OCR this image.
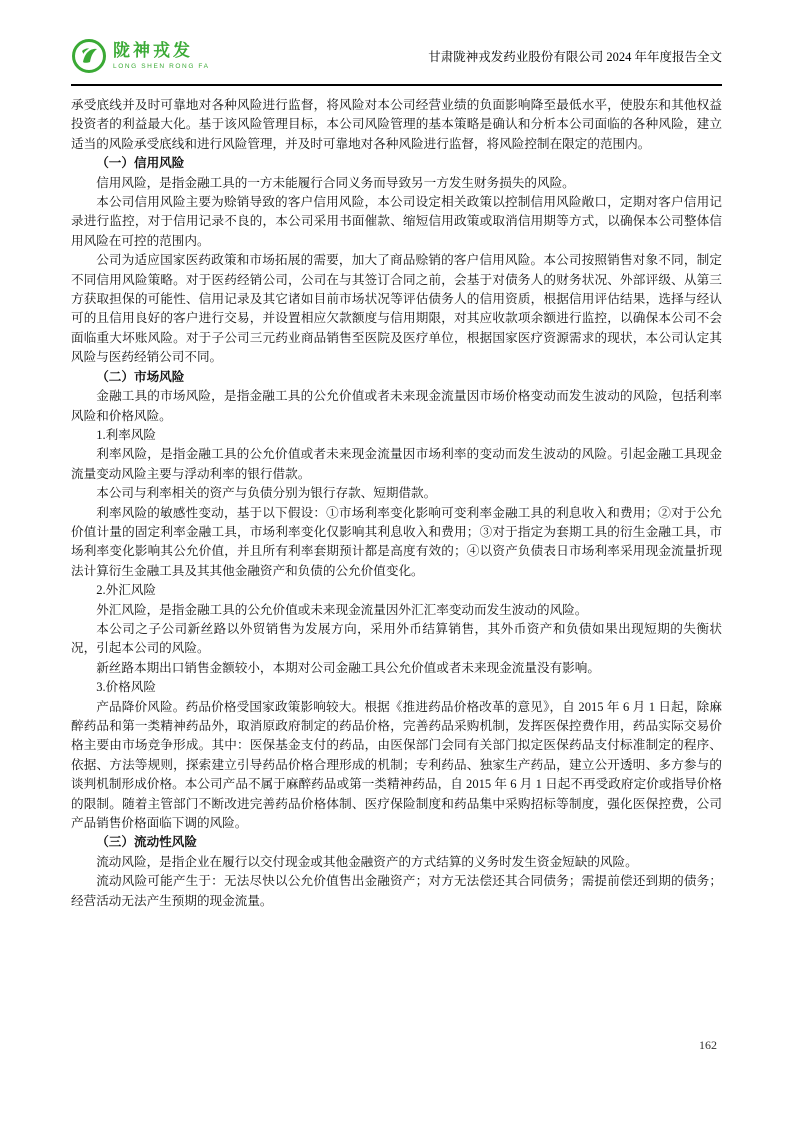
陇神戎发
LONG SHEN RONG FA
甘肃陇神戎发药业股份有限公司 2024 年年度报告全文

承受底线并及时可靠地对各种风险进行监督，将风险对本公司经营业绩的负面影响降至最低水平，使股东和其他权益投资者的利益最大化。基于该风险管理目标，本公司风险管理的基本策略是确认和分析本公司面临的各种风险，建立适当的风险承受底线和进行风险管理，并及时可靠地对各种风险进行监督，将风险控制在限定的范围内。

（一）信用风险

信用风险，是指金融工具的一方未能履行合同义务而导致另一方发生财务损失的风险。

本公司信用风险主要为赊销导致的客户信用风险，本公司设定相关政策以控制信用风险敞口，定期对客户信用记录进行监控，对于信用记录不良的，本公司采用书面催款、缩短信用政策或取消信用期等方式，以确保本公司整体信用风险在可控的范围内。

公司为适应国家医药政策和市场拓展的需要，加大了商品赊销的客户信用风险。本公司按照销售对象不同，制定不同信用风险策略。对于医药经销公司，公司在与其签订合同之前，会基于对债务人的财务状况、外部评级、从第三方获取担保的可能性、信用记录及其它诸如目前市场状况等评估债务人的信用资质，根据信用评估结果，选择与经认可的且信用良好的客户进行交易，并设置相应欠款额度与信用期限，对其应收款项余额进行监控，以确保本公司不会面临重大坏账风险。对于子公司三元药业商品销售至医院及医疗单位，根据国家医疗资源需求的现状，本公司认定其风险与医药经销公司不同。

（二）市场风险

金融工具的市场风险，是指金融工具的公允价值或者未来现金流量因市场价格变动而发生波动的风险，包括利率风险和价格风险。

1.利率风险

利率风险，是指金融工具的公允价值或者未来现金流量因市场利率的变动而发生波动的风险。引起金融工具现金流量变动风险主要与浮动利率的银行借款。

本公司与利率相关的资产与负债分别为银行存款、短期借款。

利率风险的敏感性变动，基于以下假设：①市场利率变化影响可变利率金融工具的利息收入和费用；②对于公允价值计量的固定利率金融工具，市场利率变化仅影响其利息收入和费用；③对于指定为套期工具的衍生金融工具，市场利率变化影响其公允价值，并且所有利率套期预计都是高度有效的；④以资产负债表日市场利率采用现金流量折现法计算衍生金融工具及其其他金融资产和负债的公允价值变化。

2.外汇风险

外汇风险，是指金融工具的公允价值或未来现金流量因外汇汇率变动而发生波动的风险。

本公司之子公司新丝路以外贸销售为发展方向，采用外币结算销售，其外币资产和负债如果出现短期的失衡状况，引起本公司的风险。

新丝路本期出口销售金额较小，本期对公司金融工具公允价值或者未来现金流量没有影响。

3.价格风险

产品降价风险。药品价格受国家政策影响较大。根据《推进药品价格改革的意见》，自 2015 年 6 月 1 日起，除麻醉药品和第一类精神药品外，取消原政府制定的药品价格，完善药品采购机制，发挥医保控费作用，药品实际交易价格主要由市场竞争形成。其中：医保基金支付的药品，由医保部门会同有关部门拟定医保药品支付标准制定的程序、依据、方法等规则，探索建立引导药品价格合理形成的机制；专利药品、独家生产药品，建立公开透明、多方参与的谈判机制形成价格。本公司产品不属于麻醉药品或第一类精神药品，自 2015 年 6 月 1 日起不再受政府定价或指导价格的限制。随着主管部门不断改进完善药品价格体制、医疗保险制度和药品集中采购招标等制度，强化医保控费，公司产品销售价格面临下调的风险。

（三）流动性风险

流动风险，是指企业在履行以交付现金或其他金融资产的方式结算的义务时发生资金短缺的风险。

流动风险可能产生于：无法尽快以公允价值售出金融资产；对方无法偿还其合同债务；需提前偿还到期的债务；经营活动无法产生预期的现金流量。

162
